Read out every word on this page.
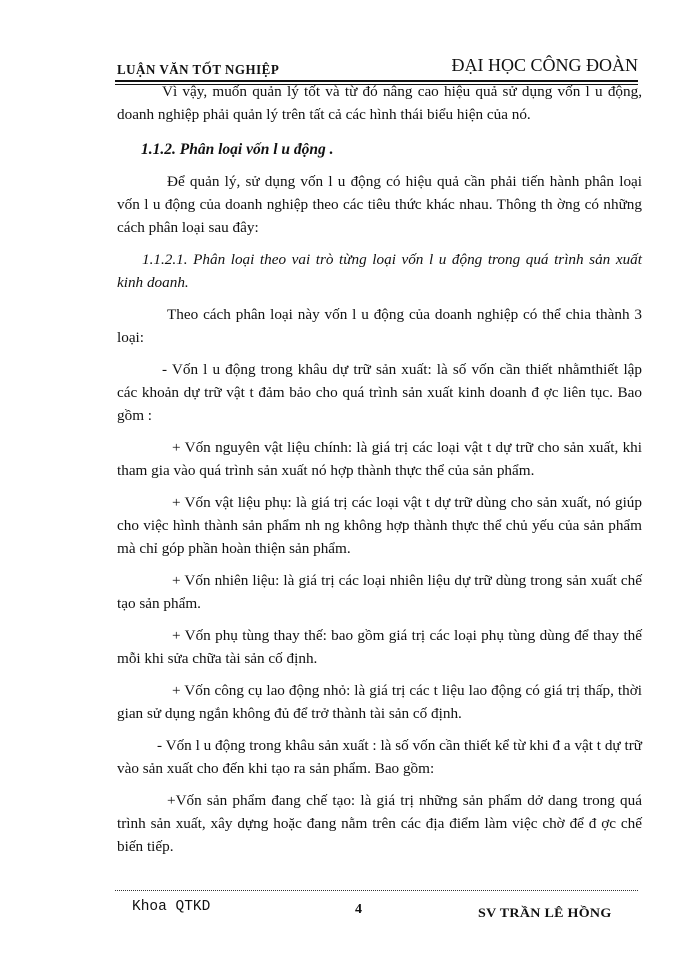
LUẬN VĂN TỐT NGHIỆP	ĐẠI HỌC CÔNG ĐOÀN

Vì vậy, muốn quản lý tốt và từ đó nâng cao hiệu quả sử dụng vốn l u động, doanh nghiệp phải quản lý trên tất cả các hình thái biểu hiện của nó.

1.1.2. Phân loại vốn l u động .

Để quản lý, sử dụng vốn l u động có hiệu quả cần phải tiến hành phân loại vốn l u động của doanh nghiệp theo các tiêu thức khác nhau. Thông th ờng có những cách phân loại sau đây:

1.1.2.1. Phân loại theo vai trò từng loại vốn l u động trong quá trình sản xuất kinh doanh.

Theo cách phân loại này vốn l u động của doanh nghiệp có thể chia thành 3 loại:

- Vốn l u động trong khâu dự trữ sản xuất: là số vốn cần thiết nhằmthiết lập các khoản dự trữ vật t đảm bảo cho quá trình sản xuất kinh doanh đ ợc liên tục. Bao gồm :

+ Vốn nguyên vật liệu chính: là giá trị các loại vật t dự trữ cho sản xuất, khi tham gia vào quá trình sản xuất nó hợp thành thực thể của sản phẩm.

+ Vốn vật liệu phụ: là giá trị các loại vật t dự trữ dùng cho sản xuất, nó giúp cho việc hình thành sản phẩm nh ng không hợp thành thực thể chủ yếu của sản phẩm mà chỉ góp phần hoàn thiện sản phẩm.

+ Vốn nhiên liệu: là giá trị các loại nhiên liệu dự trữ dùng trong sản xuất chế tạo sản phẩm.

+ Vốn phụ tùng thay thế: bao gồm giá trị các loại phụ tùng dùng để thay thế mỗi khi sửa chữa tài sản cố định.

+ Vốn công cụ lao động nhỏ: là giá trị các t liệu lao động có giá trị thấp, thời gian sử dụng ngắn không đủ để trở thành tài sản cố định.

- Vốn l u động trong khâu sản xuất : là số vốn cần thiết kể từ khi đ a vật t dự trữ vào sản xuất cho đến khi tạo ra sản phẩm. Bao gồm:

+Vốn sản phẩm đang chế tạo: là giá trị những sản phẩm dở dang trong quá trình sản xuất, xây dựng hoặc đang nằm trên các địa điểm làm việc chờ để đ ợc chế biến tiếp.

Khoa QTKD	4	SV TRẦN LÊ HỒNG
